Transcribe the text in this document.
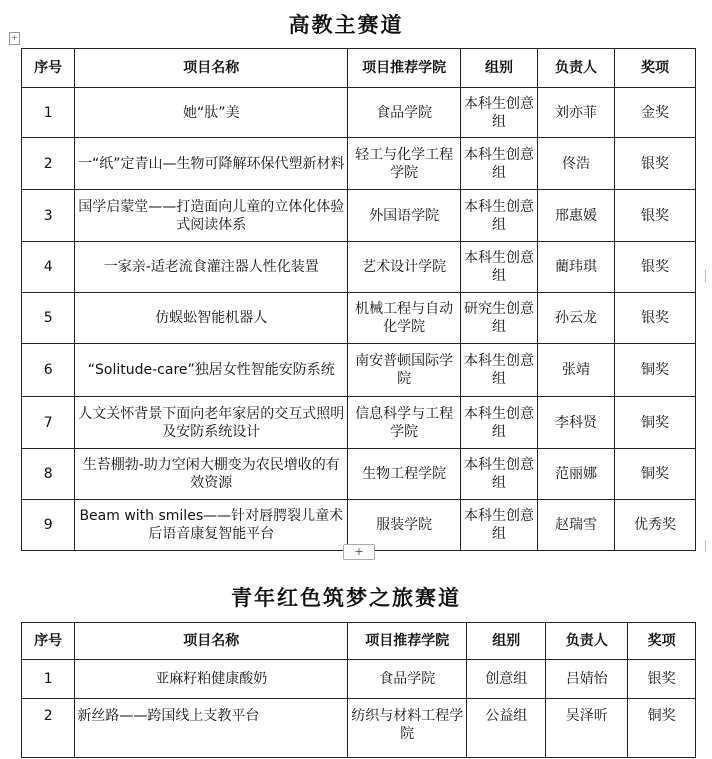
+
高教主赛道
序号	项目名称	项目推荐学院	组别	负责人	奖项
1	她“肽”美	食品学院	本科生创意组	刘亦菲	金奖
2	一“纸”定青山—生物可降解环保代塑新材料	轻工与化学工程学院	本科生创意组	佟浩	银奖
3	国学启蒙堂——打造面向儿童的立体化体验式阅读体系	外国语学院	本科生创意组	邢惠媛	银奖
4	一家亲-适老流食灌注器人性化装置	艺术设计学院	本科生创意组	藺玮琪	银奖
5	仿蜈蚣智能机器人	机械工程与自动化学院	研究生创意组	孙云龙	银奖
6	“Solitude-care”独居女性智能安防系统	南安普顿国际学院	本科生创意组	张靖	铜奖
7	人文关怀背景下面向老年家居的交互式照明及安防系统设计	信息科学与工程学院	本科生创意组	李科贤	铜奖
8	生苔棚勃-助力空闲大棚变为农民增收的有效资源	生物工程学院	本科生创意组	范丽娜	铜奖
9	Beam with smiles——针对唇腭裂儿童术后语音康复智能平台	服装学院	本科生创意组	赵瑞雪	优秀奖
+
青年红色筑梦之旅赛道
序号	项目名称	项目推荐学院	组别	负责人	奖项
1	亚麻籽粕健康酸奶	食品学院	创意组	吕婧怡	银奖
2	新丝路——跨国线上支教平台	纺织与材料工程学院	公益组	吴泽昕	铜奖
